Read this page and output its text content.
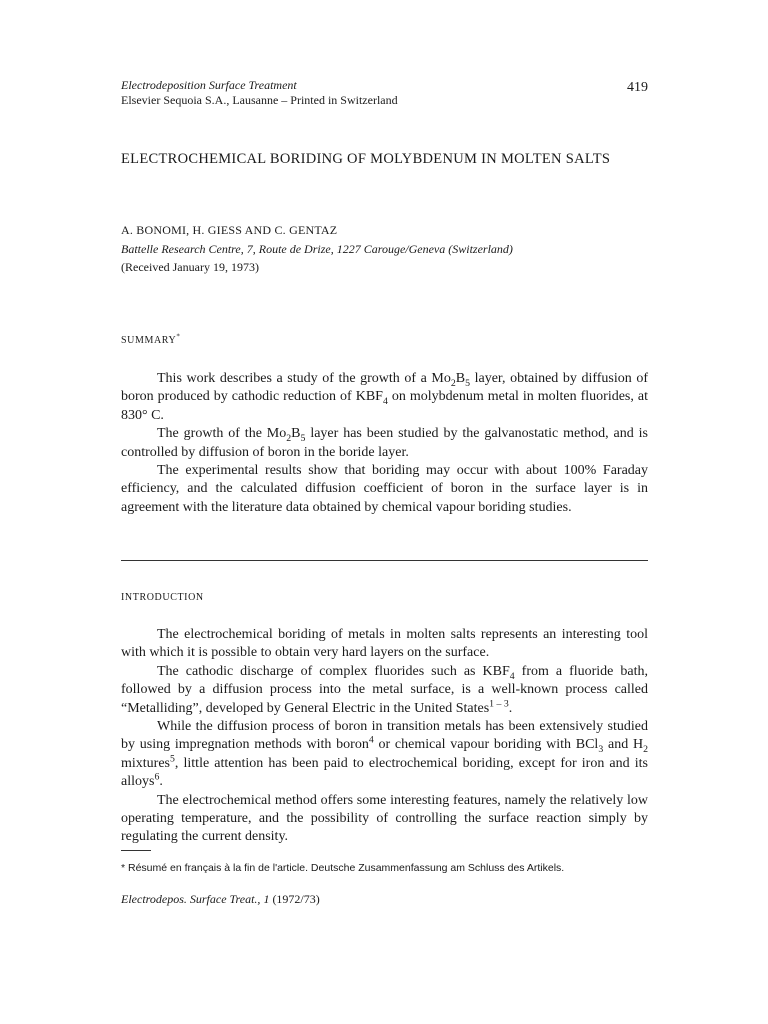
Electrodeposition Surface Treatment
Elsevier Sequoia S.A., Lausanne – Printed in Switzerland
419
ELECTROCHEMICAL BORIDING OF MOLYBDENUM IN MOLTEN SALTS
A. BONOMI, H. GIESS AND C. GENTAZ
Battelle Research Centre, 7, Route de Drize, 1227 Carouge/Geneva (Switzerland)
(Received January 19, 1973)
SUMMARY*

This work describes a study of the growth of a $Mo_2B_5$ layer, obtained by diffusion of boron produced by cathodic reduction of $KBF_4$ on molybdenum metal in molten fluorides, at 830° C.

The growth of the $Mo_2B_5$ layer has been studied by the galvanostatic method, and is controlled by diffusion of boron in the boride layer.

The experimental results show that boriding may occur with about 100% Faraday efficiency, and the calculated diffusion coefficient of boron in the surface layer is in agreement with the literature data obtained by chemical vapour boriding studies.

INTRODUCTION

The electrochemical boriding of metals in molten salts represents an interesting tool with which it is possible to obtain very hard layers on the surface.

The cathodic discharge of complex fluorides such as $KBF_4$ from a fluoride bath, followed by a diffusion process into the metal surface, is a well-known process called “Metalliding”, developed by General Electric in the United States$^{1 - 3}$.

While the diffusion process of boron in transition metals has been extensively studied by using impregnation methods with boron$^4$ or chemical vapour boriding with BCl$_3$ and $H_2$ mixtures$^5$, little attention has been paid to electrochemical boriding, except for iron and its alloys$^6$.

The electrochemical method offers some interesting features, namely the relatively low operating temperature, and the possibility of controlling the surface reaction simply by regulating the current density.

* Résumé en français à la fin de l'article. Deutsche Zusammenfassung am Schluss des Artikels.
Electrodepos. Surface Treat., 1 (1972/73)
